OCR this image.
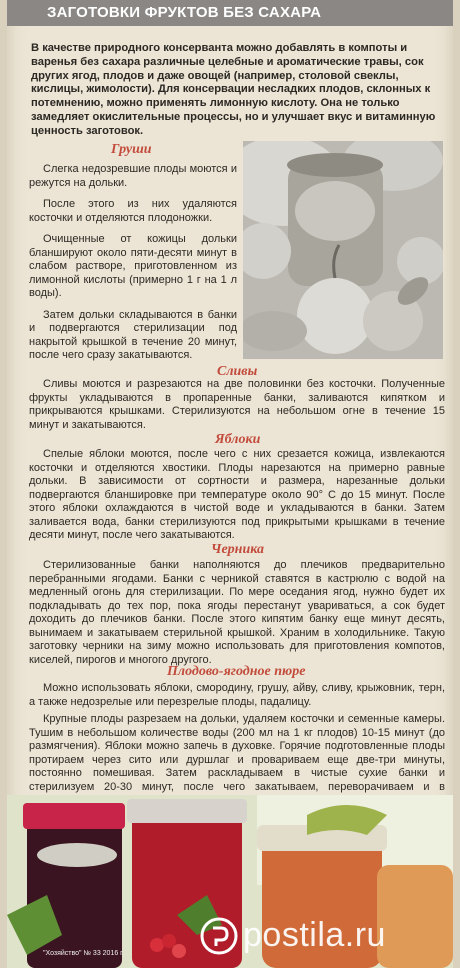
ЗАГОТОВКИ ФРУКТОВ БЕЗ САХАРА
В качестве природного консерванта можно добавлять в компоты и варенья без сахара различные целебные и ароматические травы, сок других ягод, плодов и даже овощей (например, столовой свеклы, кислицы, жимолости). Для консервации несладких плодов, склонных к потемнению, можно применять лимонную кислоту. Она не только замедляет окислительные процессы, но и улучшает вкус и витаминную ценность заготовок.
Груши

Слегка недозревшие плоды моются и режутся на дольки.

После этого из них удаляются косточки и отделяются плодоножки.

Очищенные от кожицы дольки бланшируют около пяти-десяти минут в слабом растворе, приготовленном из лимонной кислоты (примерно 1 г на 1 л воды).

Затем дольки складываются в банки и подвергаются стерилизации под накрытой крышкой в течение 20 минут, после чего сразу закатываются.

Сливы

Сливы моются и разрезаются на две половинки без косточки. Полученные фрукты укладываются в пропаренные банки, заливаются кипятком и прикрываются крышками. Стерилизуются на небольшом огне в течение 15 минут и закатываются.

Яблоки

Спелые яблоки моются, после чего с них срезается кожица, извлекаются косточки и отделяются хвостики. Плоды нарезаются на примерно равные дольки. В зависимости от сортности и размера, нарезанные дольки подвергаются бланшировке при температуре около 90° С до 15 минут. После этого яблоки охлаждаются в чистой воде и укладываются в банки. Затем заливается вода, банки стерилизуются под прикрытыми крышками в течение десяти минут, после чего закатываются.

Черника

Стерилизованные банки наполняются до плечиков предварительно перебранными ягодами. Банки с черникой ставятся в кастрюлю с водой на медленный огонь для стерилизации. По мере оседания ягод, нужно будет их подкладывать до тех пор, пока ягоды перестанут увариваться, а сок будет доходить до плечиков банки. После этого кипятим банку еще минут десять, вынимаем и закатываем стерильной крышкой. Храним в холодильнике. Такую заготовку черники на зиму можно использовать для приготовления компотов, киселей, пирогов и многого другого.

Плодово-ягодное пюре

Можно использовать яблоки, смородину, грушу, айву, сливу, крыжовник, терн, а также недозрелые или перезрелые плоды, падалицу.

Крупные плоды разрезаем на дольки, удаляем косточки и семенные камеры. Тушим в небольшом количестве воды (200 мл на 1 кг плодов) 10-15 минут (до размягчения). Яблоки можно запечь в духовке. Горячие подготовленные плоды протираем через сито или дуршлаг и провариваем еще две-три минуты, постоянно помешивая. Затем раскладываем в чистые сухие банки и стерилизуем 20-30 минут, после чего закатываем, переворачиваем и в

postila.ru
"Хозяйство" № 33 2016 г.
